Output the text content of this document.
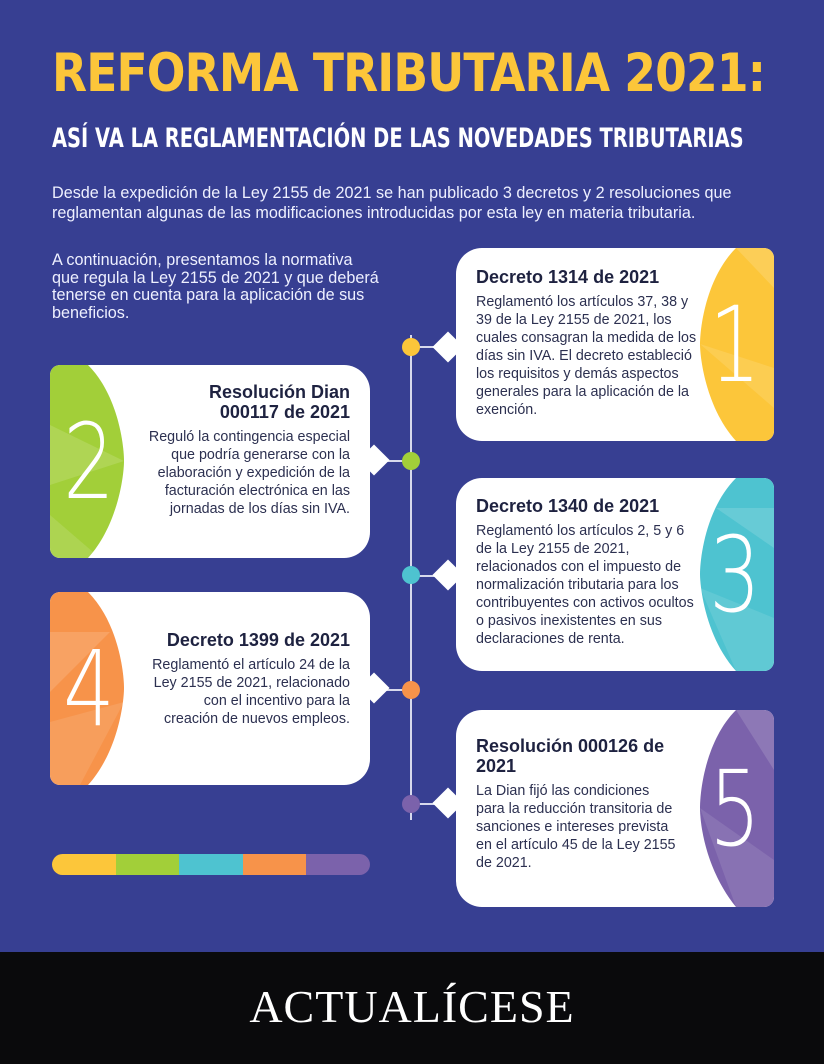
REFORMA TRIBUTARIA 2021:
ASÍ VA LA REGLAMENTACIÓN DE LAS NOVEDADES TRIBUTARIAS

Desde la expedición de la Ley 2155 de 2021 se han publicado 3 decretos y 2 resoluciones que reglamentan algunas de las modificaciones introducidas por esta ley en materia tributaria.

A continuación, presentamos la normativa que regula la Ley 2155 de 2021 y que deberá tenerse en cuenta para la aplicación de sus beneficios.

Decreto 1314 de 2021

Reglamentó los artículos 37, 38 y 39 de la Ley 2155 de 2021, los cuales consagran la medida de los días sin IVA. El decreto estableció los requisitos y demás aspectos generales para la aplicación de la exención.

1
2
Resolución Dian 000117 de 2021

Reguló la contingencia especial que podría generarse con la elaboración y expedición de la facturación electrónica en las jornadas de los días sin IVA.	Decreto 1340 de 2021

Reglamentó los artículos 2, 5 y 6 de la Ley 2155 de 2021, relacionados con el impuesto de normalización tributaria para los contribuyentes con activos ocultos o pasivos inexistentes en sus declaraciones de renta.

3
4	Decreto 1399 de 2021

Reglamentó el artículo 24 de la Ley 2155 de 2021, relacionado con el incentivo para la creación de nuevos empleos.

Resolución 000126 de 2021

La Dian fijó las condiciones para la reducción transitoria de sanciones e intereses prevista en el artículo 45 de la Ley 2155 de 2021.	5
ACTUALÍCESE
